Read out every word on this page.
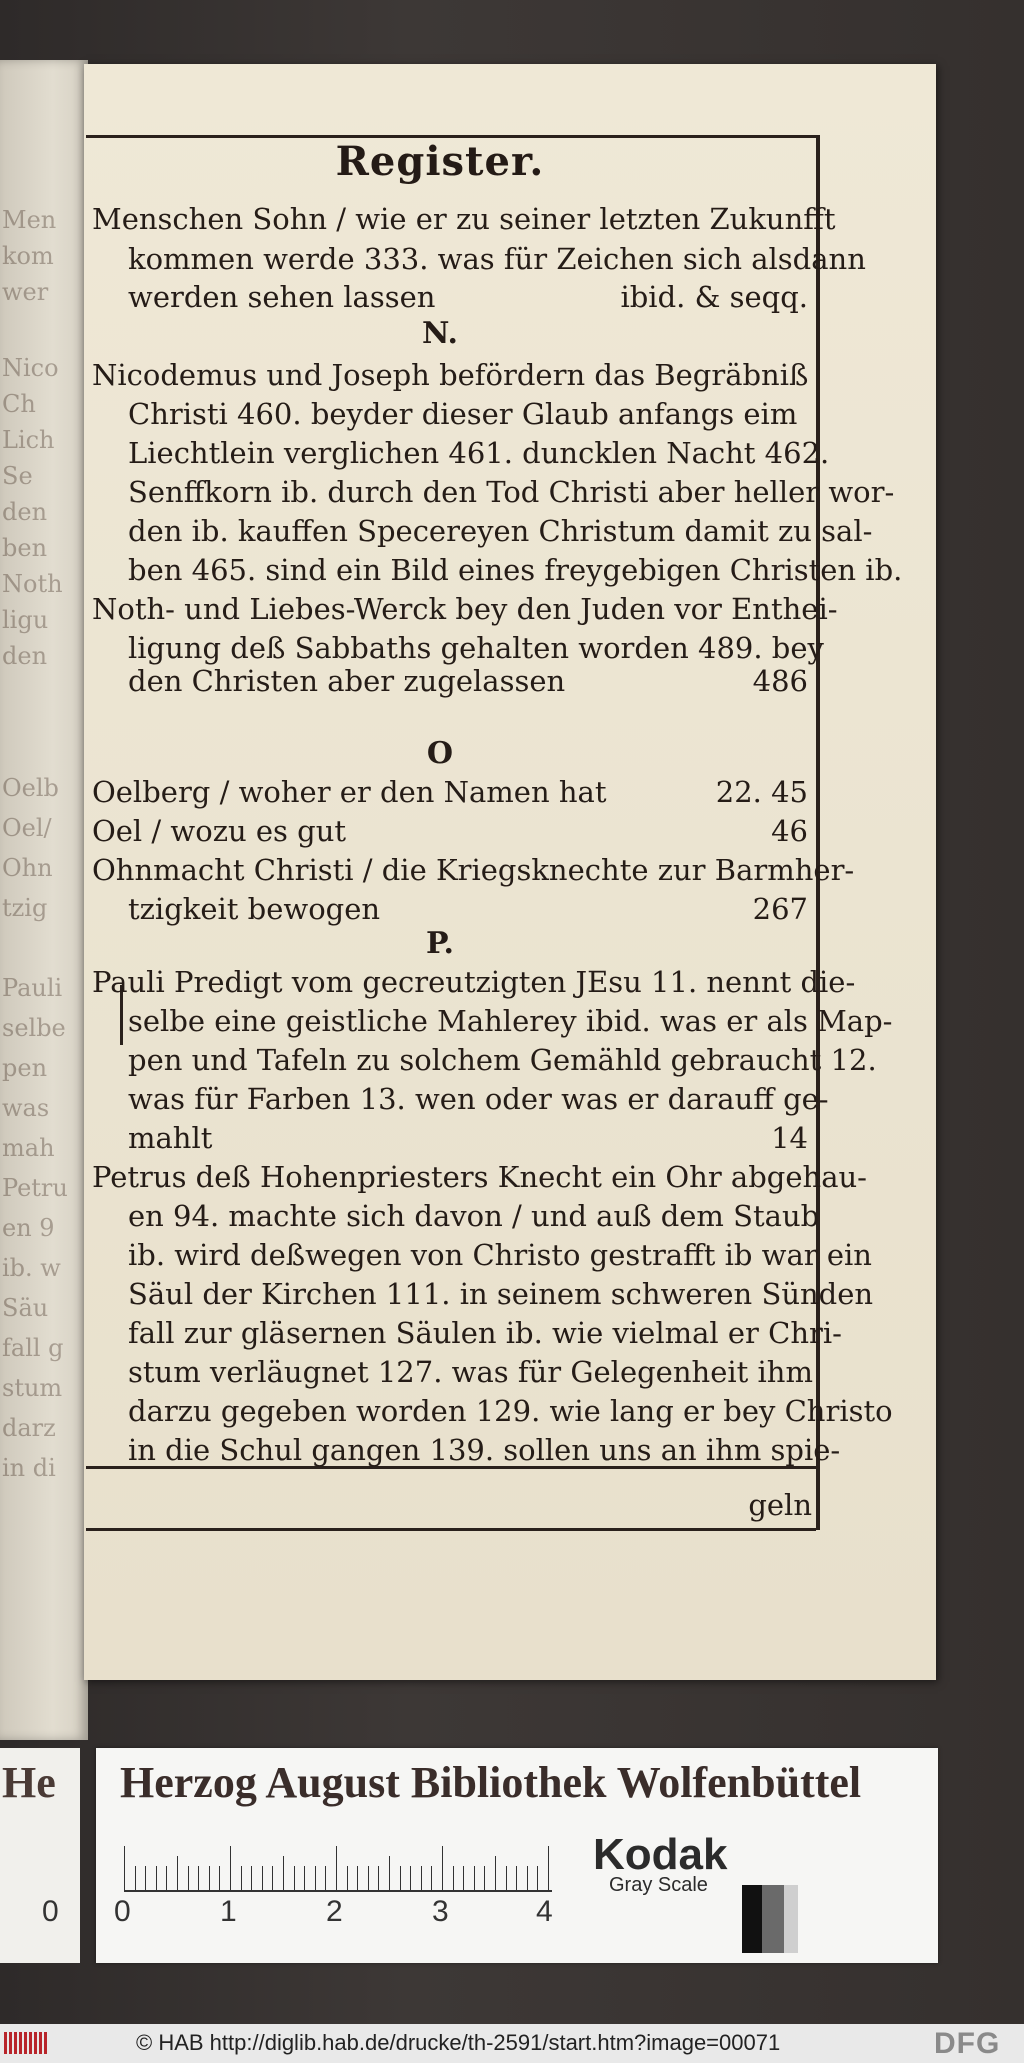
Men
kom
wer
Nico
Ch
Lich
Se
den
ben
Noth
ligu
den
Oelb
Oel/
Ohn
tzig
Pauli
selbe
pen
was
mah
Petru
en 9
ib. w
Säu
fall g
stum
darz
in di
Register.
Menschen Sohn / wie er zu seiner letzten Zukunfft
kommen werde 333. was für Zeichen sich alsdann
werden sehen lassen	ibid. & seqq.
N.
Nicodemus und Joseph befördern das Begräbniß
Christi 460. beyder dieser Glaub anfangs eim
Liechtlein verglichen 461. duncklen Nacht 462.
Senffkorn ib. durch den Tod Christi aber heller wor-
den ib. kauffen Specereyen Christum damit zu sal-
ben 465. sind ein Bild eines freygebigen Christen ib.
Noth- und Liebes-Werck bey den Juden vor Enthei-
ligung deß Sabbaths gehalten worden 489. bey
den Christen aber zugelassen	486
O
Oelberg / woher er den Namen hat	22. 45
Oel / wozu es gut	46
Ohnmacht Christi / die Kriegsknechte zur Barmher-
tzigkeit bewogen	267
P.
Pauli Predigt vom gecreutzigten JEsu 11. nennt die-
selbe eine geistliche Mahlerey ibid. was er als Map-
pen und Tafeln zu solchem Gemähld gebraucht 12.
was für Farben 13. wen oder was er darauff ge-
mahlt	14
Petrus deß Hohenpriesters Knecht ein Ohr abgehau-
en 94. machte sich davon / und auß dem Staub
ib. wird deßwegen von Christo gestrafft ib war ein
Säul der Kirchen 111. in seinem schweren Sünden
fall zur gläsernen Säulen ib. wie vielmal er Chri-
stum verläugnet 127. was für Gelegenheit ihm
darzu gegeben worden 129. wie lang er bey Christo
in die Schul gangen 139. sollen uns an ihm spie-
geln
He
0
Herzog August Bibliothek Wolfenbüttel
0	1	2	3	4
Kodak
Gray Scale
© HAB http://diglib.hab.de/drucke/th-2591/start.htm?image=00071	DFG
